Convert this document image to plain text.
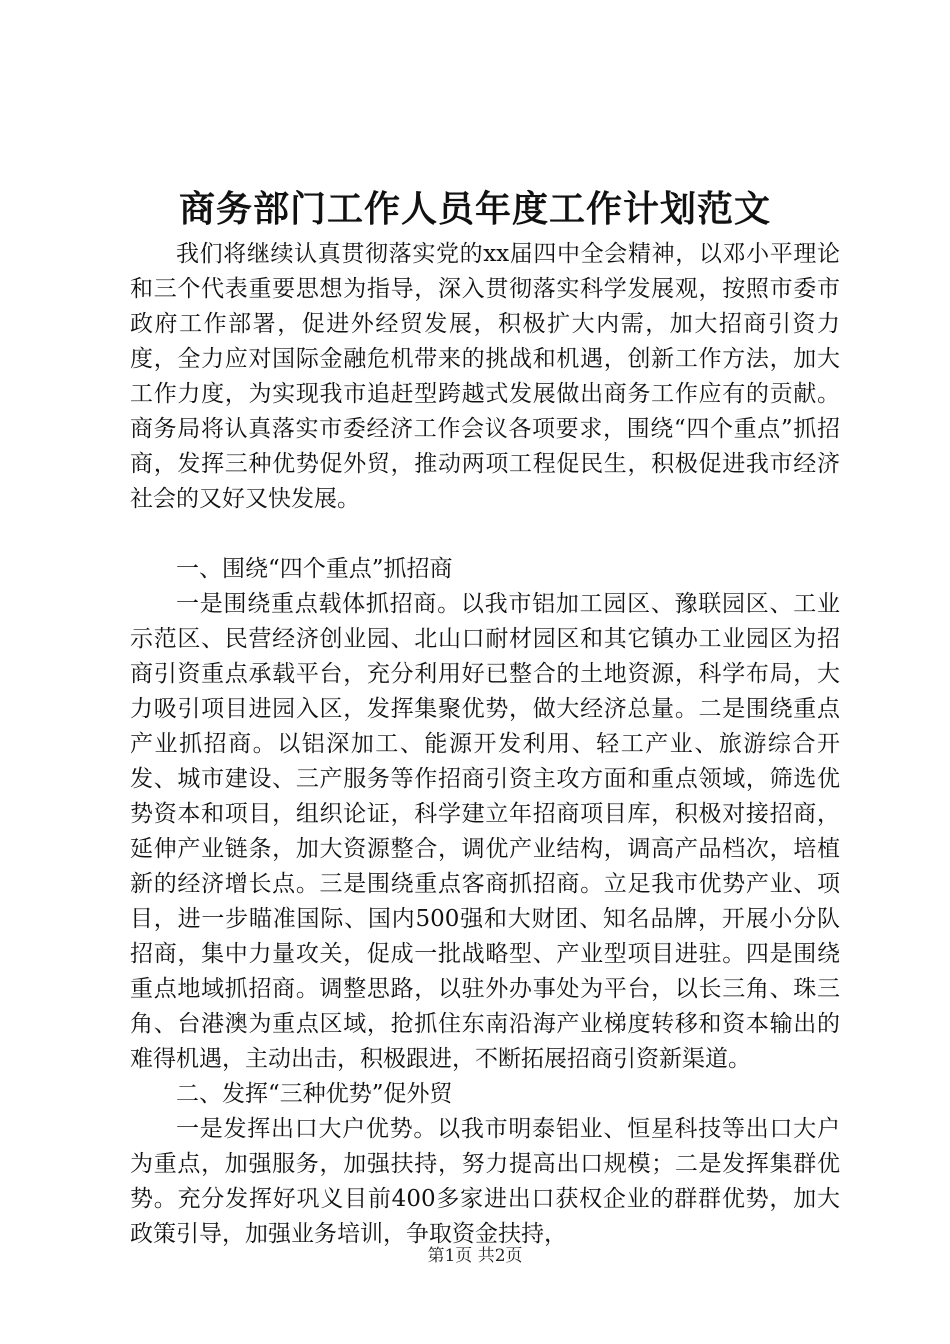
商务部门工作人员年度工作计划范文

我们将继续认真贯彻落实党的xx届四中全会精神，以邓小平理论和三个代表重要思想为指导，深入贯彻落实科学发展观，按照市委市政府工作部署，促进外经贸发展，积极扩大内需，加大招商引资力度，全力应对国际金融危机带来的挑战和机遇，创新工作方法，加大工作力度，为实现我市追赶型跨越式发展做出商务工作应有的贡献。商务局将认真落实市委经济工作会议各项要求，围绕“四个重点”抓招商，发挥三种优势促外贸，推动两项工程促民生，积极促进我市经济社会的又好又快发展。

一、围绕“四个重点”抓招商

一是围绕重点载体抓招商。以我市铝加工园区、豫联园区、工业示范区、民营经济创业园、北山口耐材园区和其它镇办工业园区为招商引资重点承载平台，充分利用好已整合的土地资源，科学布局，大力吸引项目进园入区，发挥集聚优势，做大经济总量。二是围绕重点产业抓招商。以铝深加工、能源开发利用、轻工产业、旅游综合开发、城市建设、三产服务等作招商引资主攻方面和重点领域，筛选优势资本和项目，组织论证，科学建立年招商项目库，积极对接招商，延伸产业链条，加大资源整合，调优产业结构，调高产品档次，培植新的经济增长点。三是围绕重点客商抓招商。立足我市优势产业、项目，进一步瞄准国际、国内500强和大财团、知名品牌，开展小分队招商，集中力量攻关，促成一批战略型、产业型项目进驻。四是围绕重点地域抓招商。调整思路，以驻外办事处为平台，以长三角、珠三角、台港澳为重点区域，抢抓住东南沿海产业梯度转移和资本输出的难得机遇，主动出击，积极跟进，不断拓展招商引资新渠道。

二、发挥“三种优势”促外贸

一是发挥出口大户优势。以我市明泰铝业、恒星科技等出口大户为重点，加强服务，加强扶持，努力提高出口规模；二是发挥集群优势。充分发挥好巩义目前400多家进出口获权企业的群群优势，加大政策引导，加强业务培训，争取资金扶持，

第1页 共2页
